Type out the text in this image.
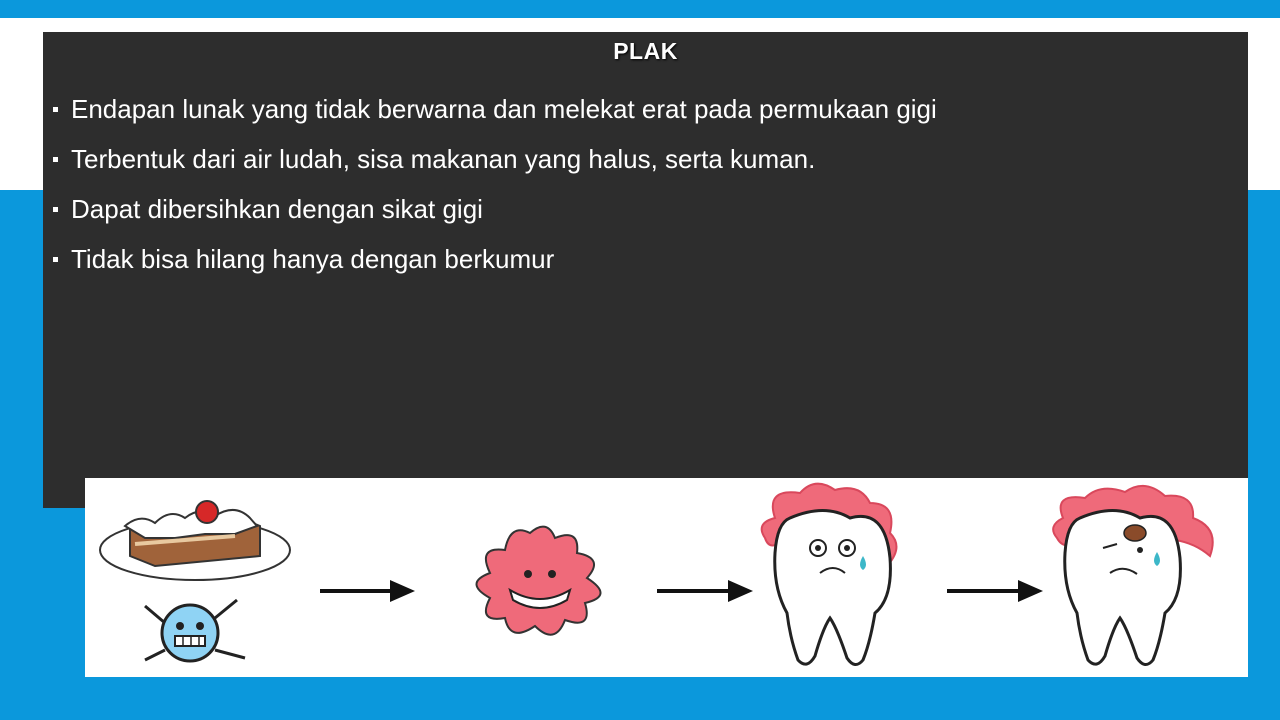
PLAK
Endapan lunak yang tidak berwarna dan melekat erat pada permukaan gigi
Terbentuk dari air ludah, sisa makanan yang halus, serta kuman.
Dapat dibersihkan dengan sikat gigi
Tidak bisa hilang hanya dengan berkumur
